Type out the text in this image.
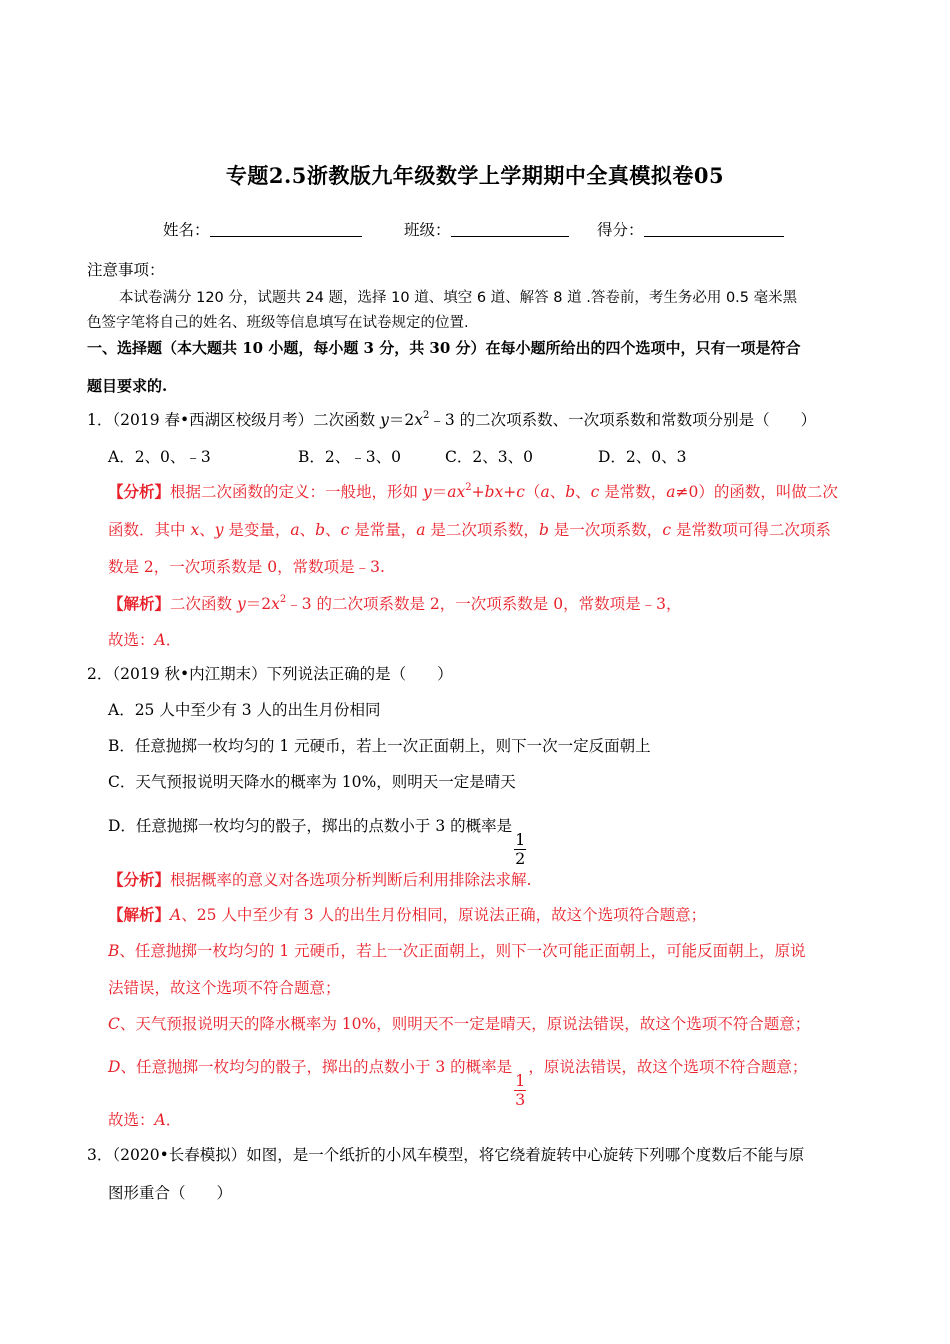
专题2.5浙教版九年级数学上学期期中全真模拟卷05
姓名：	班级：	得分：
注意事项：
本试卷满分 120 分，试题共 24 题，选择 10 道、填空 6 道、解答 8 道 .答卷前，考生务必用 0.5 毫米黑
色签字笔将自己的姓名、班级等信息填写在试卷规定的位置.
一、选择题（本大题共 10 小题，每小题 3 分，共 30 分）在每小题所给出的四个选项中，只有一项是符合
题目要求的.
1．（2019 春•西湖区校级月考）二次函数 $y=2x^2﹣3$ 的二次项系数、一次项系数和常数项分别是（　　）
A．2、0、﹣3	B．2、﹣3、0	C．2、3、0	D．2、0、3
【分析】根据二次函数的定义：一般地，形如 $y=ax^2+bx+c(a$、b、c 是常数，a≠0）的函数，叫做二次
函数．其中 x、y 是变量，a、b、c 是常量，a 是二次项系数，b 是一次项系数，c 是常数项可得二次项系
数是 2，一次项系数是 0，常数项是﹣3.
【解析】二次函数 $y=2x^2﹣3$ 的二次项系数是 2，一次项系数是 0，常数项是﹣3，
故选：A．
2．（2019 秋•内江期末）下列说法正确的是（　　）
A．25 人中至少有 3 人的出生月份相同
B．任意抛掷一枚均匀的 1 元硬币，若上一次正面朝上，则下一次一定反面朝上
C．天气预报说明天降水的概率为 10%，则明天一定是晴天
D．任意抛掷一枚均匀的骰子，掷出的点数小于 3 的概率是
$\frac{1}{2}$
【分析】根据概率的意义对各选项分析判断后利用排除法求解.
【解析】A、25 人中至少有 3 人的出生月份相同，原说法正确，故这个选项符合题意；
B、任意抛掷一枚均匀的 1 元硬币，若上一次正面朝上，则下一次可能正面朝上，可能反面朝上，原说
法错误，故这个选项不符合题意；
C、天气预报说明天的降水概率为 10%，则明天不一定是晴天，原说法错误，故这个选项不符合题意；
D、任意抛掷一枚均匀的骰子，掷出的点数小于 3 的概率是
$\frac{1}{3}$
，原说法错误，故这个选项不符合题意；
故选：A．
3．（2020•长春模拟）如图，是一个纸折的小风车模型，将它绕着旋转中心旋转下列哪个度数后不能与原
图形重合（　　）
